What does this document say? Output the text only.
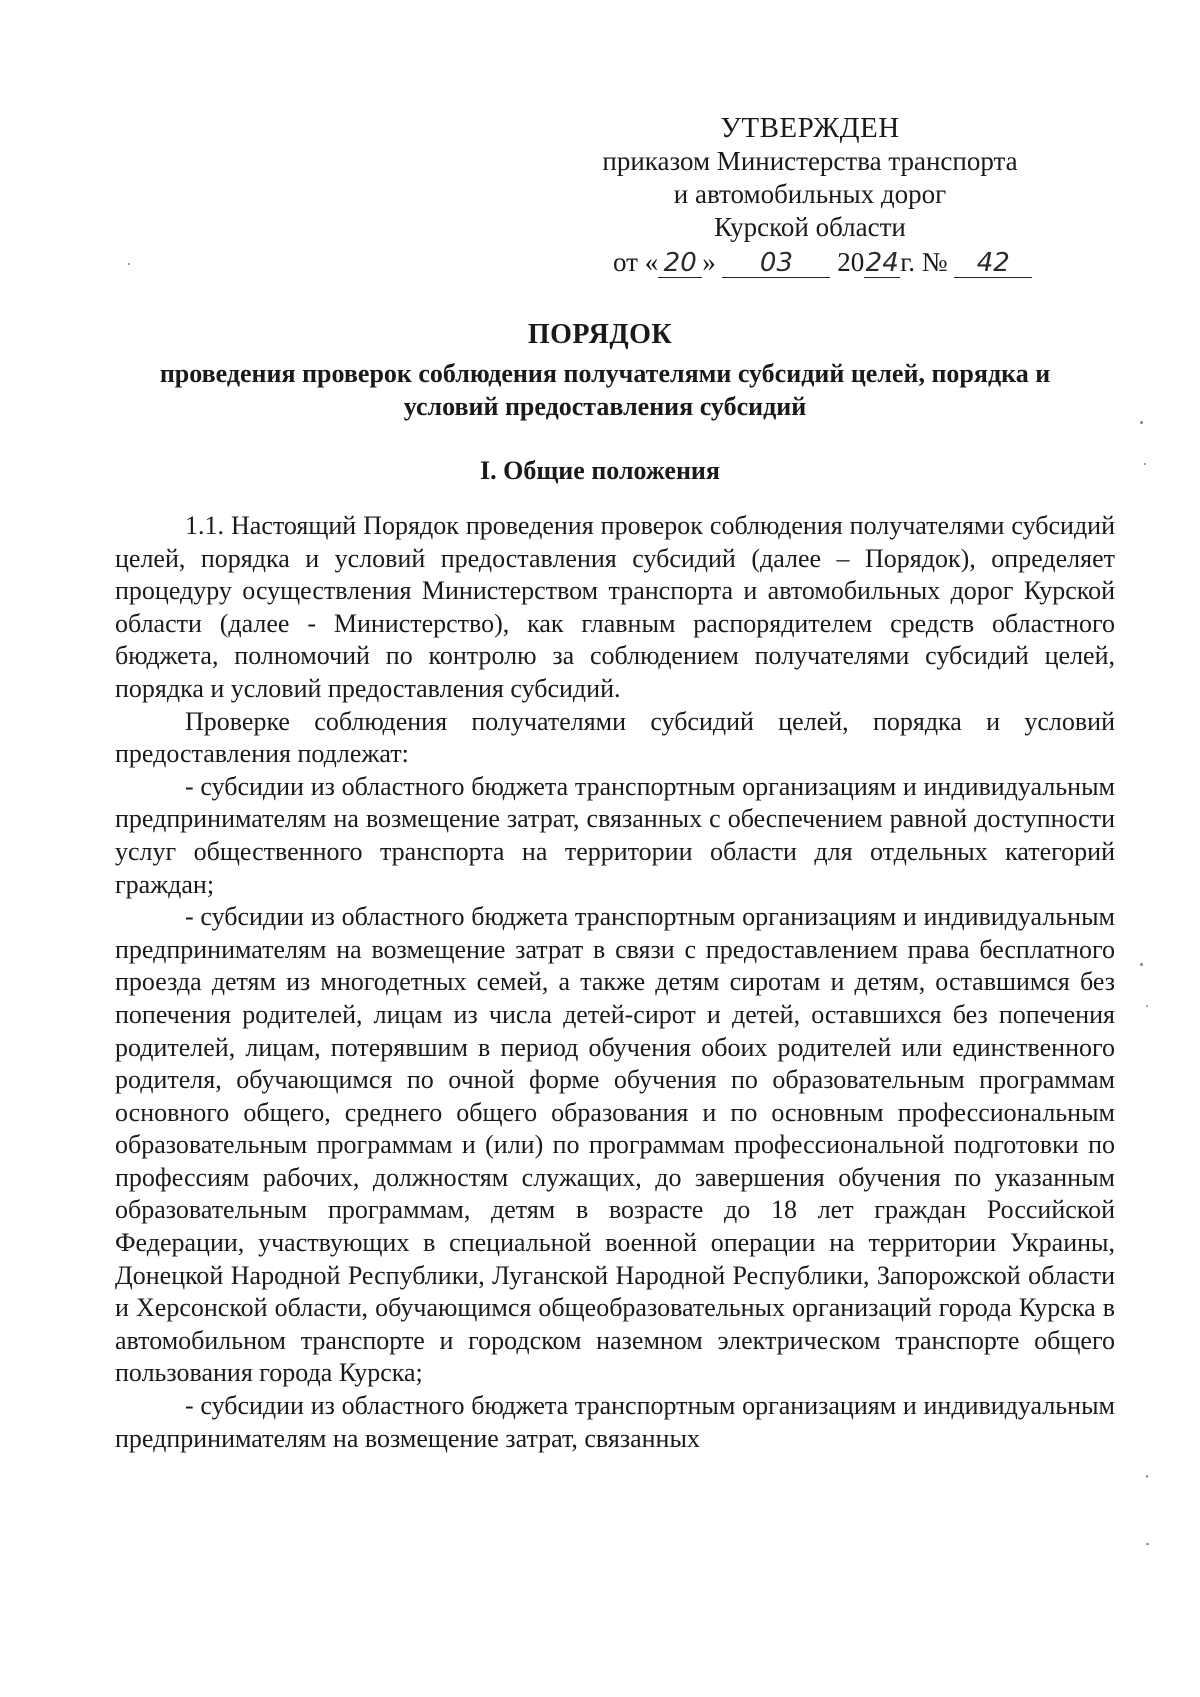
УТВЕРЖДЕН
приказом Министерства транспорта
и автомобильных дорог
Курской области
от « 20 » 03 2024г. № 42
ПОРЯДОК
проведения проверок соблюдения получателями субсидий целей, порядка и условий предоставления субсидий
I. Общие положения

1.1. Настоящий Порядок проведения проверок соблюдения получателями субсидий целей, порядка и условий предоставления субсидий (далее – Порядок), определяет процедуру осуществления Министерством транспорта и автомобильных дорог Курской области (далее - Министерство), как главным распорядителем средств областного бюджета, полномочий по контролю за соблюдением получателями субсидий целей, порядка и условий предоставления субсидий.

Проверке соблюдения получателями субсидий целей, порядка и условий предоставления подлежат:

- субсидии из областного бюджета транспортным организациям и индивидуальным предпринимателям на возмещение затрат, связанных с обеспечением равной доступности услуг общественного транспорта на территории области для отдельных категорий граждан;

- субсидии из областного бюджета транспортным организациям и индивидуальным предпринимателям на возмещение затрат в связи с предоставлением права бесплатного проезда детям из многодетных семей, а также детям сиротам и детям, оставшимся без попечения родителей, лицам из числа детей-сирот и детей, оставшихся без попечения родителей, лицам, потерявшим в период обучения обоих родителей или единственного родителя, обучающимся по очной форме обучения по образовательным программам основного общего, среднего общего образования и по основным профессиональным образовательным программам и (или) по программам профессиональной подготовки по профессиям рабочих, должностям служащих, до завершения обучения по указанным образовательным программам, детям в возрасте до 18 лет граждан Российской Федерации, участвующих в специальной военной операции на территории Украины, Донецкой Народной Республики, Луганской Народной Республики, Запорожской области и Херсонской области, обучающимся общеобразовательных организаций города Курска в автомобильном транспорте и городском наземном электрическом транспорте общего пользования города Курска;

- субсидии из областного бюджета транспортным организациям и индивидуальным предпринимателям на возмещение затрат, связанных
